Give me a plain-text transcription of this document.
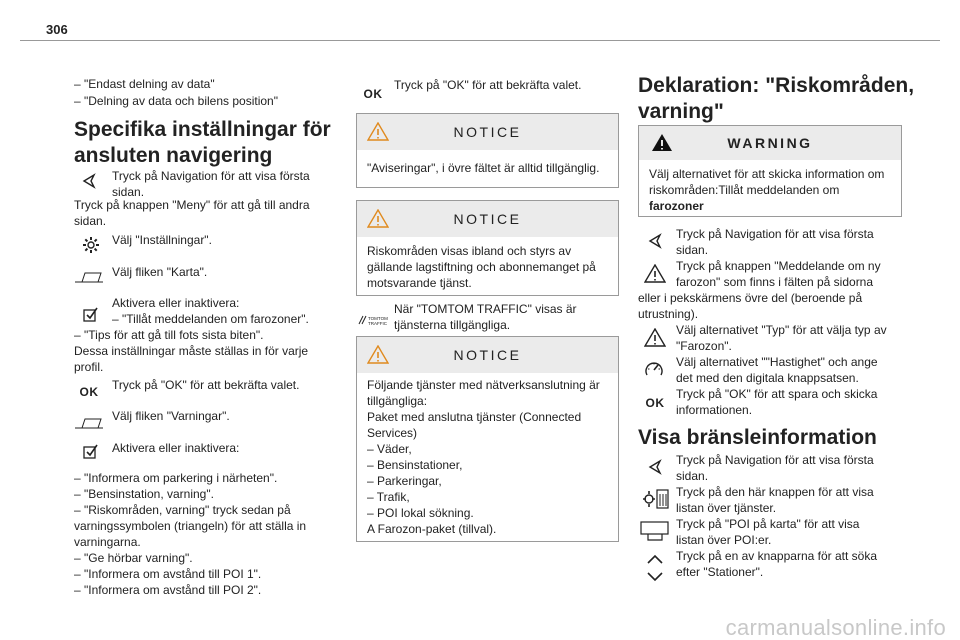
306
– "Endast delning av data"
– "Delning av data och bilens position"
Specifika inställningar för
ansluten navigering
Tryck på Navigation för att visa första
sidan.
Tryck på knappen "Meny" för att gå till andra
sidan.
Välj "Inställningar".
Välj fliken "Karta".
Aktivera eller inaktivera:
– "Tillåt meddelanden om farozoner".
– "Tips för att gå till fots sista biten".
Dessa inställningar måste ställas in för varje
profil.
OK Tryck på "OK" för att bekräfta valet.
Välj fliken "Varningar".
Aktivera eller inaktivera:
– "Informera om parkering i närheten".
– "Bensinstation, varning".
– "Riskområden, varning" tryck sedan på
varningssymbolen (triangeln) för att ställa in
varningarna.
– "Ge hörbar varning".
– "Informera om avstånd till POI 1".
– "Informera om avstånd till POI 2".
OK
Tryck på "OK" för att bekräfta valet.
NOTICE
"Aviseringar", i övre fältet är alltid tillgänglig.
NOTICE
Riskområden visas ibland och styrs av
gällande lagstiftning och abonnemanget på
motsvarande tjänst.
TOMTOM
TRAFFIC
När "TOMTOM TRAFFIC" visas är
tjänsterna tillgängliga.
NOTICE
Följande tjänster med nätverksanslutning är
tillgängliga:
Paket med anslutna tjänster (Connected
Services)
– Väder,
– Bensinstationer,
– Parkeringar,
– Trafik,
– POI lokal sökning.
A Farozon-paket (tillval).
Deklaration: "Riskområden,
varning"
WARNING
Välj alternativet för att skicka information om
riskområden:Tillåt meddelanden om
farozoner
Tryck på Navigation för att visa första
sidan.
Tryck på knappen "Meddelande om ny
farozon" som finns i fälten på sidorna
eller i pekskärmens övre del (beroende på
utrustning).
Välj alternativet "Typ" för att välja typ av
"Farozon".
Välj alternativet ""Hastighet" och ange
det med den digitala knappsatsen.
OK
Tryck på "OK" för att spara och skicka
informationen.
Visa bränsleinformation
Tryck på Navigation för att visa första
sidan.
Tryck på den här knappen för att visa
listan över tjänster.
Tryck på "POI på karta" för att visa
listan över POI:er.
Tryck på en av knapparna för att söka
efter "Stationer".
carmanualsonline.info
